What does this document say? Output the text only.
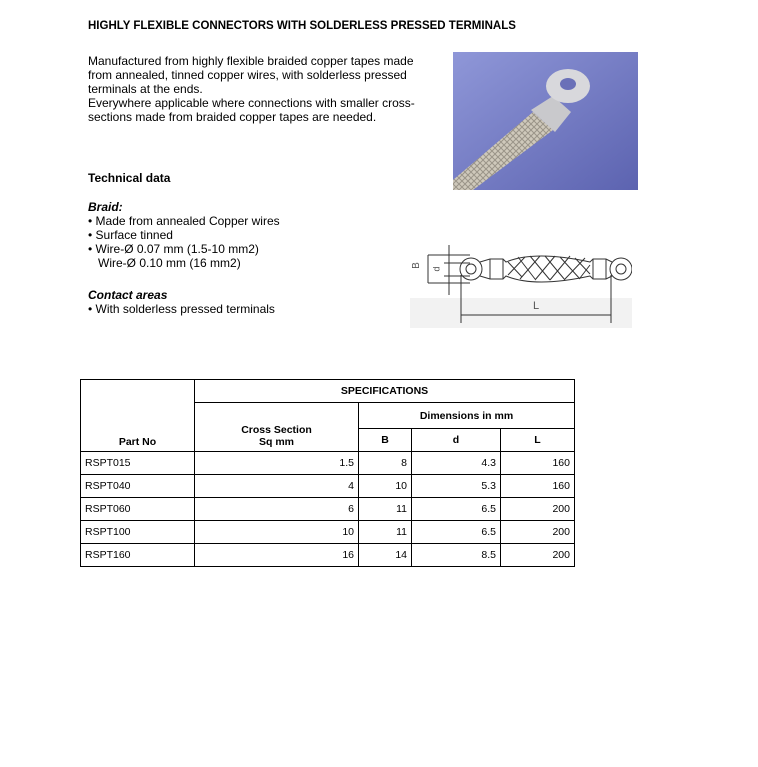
HIGHLY FLEXIBLE CONNECTORS WITH SOLDERLESS PRESSED TERMINALS
Manufactured from highly flexible braided copper tapes made
from annealed, tinned copper wires, with solderless pressed
terminals at the ends.
Everywhere applicable where connections with smaller cross-
sections made from braided copper tapes are needed.
Technical data
Braid:
• Made from annealed Copper wires
• Surface tinned
• Wire-Ø 0.07 mm (1.5-10 mm2)
Wire-Ø 0.10 mm (16 mm2)
Contact areas
• With solderless pressed terminals
B
d
L
Part No	SPECIFICATIONS			

	Cross Section
Sq mm	Dimensions in mm		
		B	d	L
RSPT015	1.5	8	4.3	160
RSPT040	4	10	5.3	160
RSPT060	6	11	6.5	200
RSPT100	10	11	6.5	200
RSPT160	16	14	8.5	200
